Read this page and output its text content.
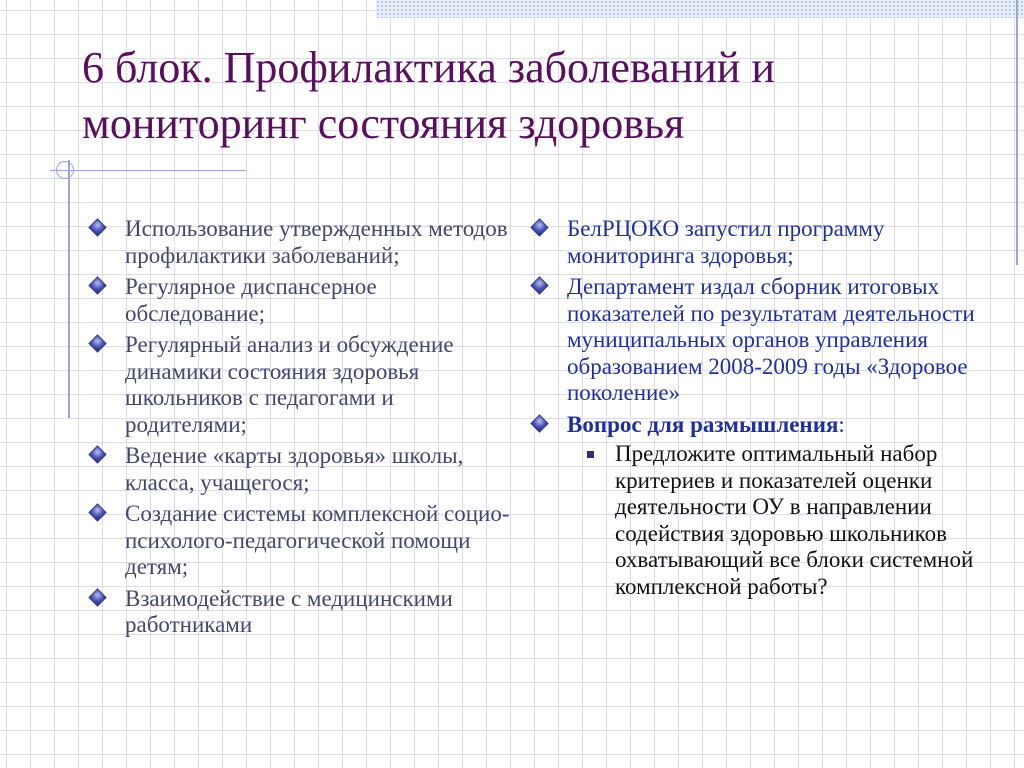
6 блок. Профилактика заболеваний и мониторинг состояния здоровья
Использование утвержденных методов профилактики заболеваний;
Регулярное диспансерное обследование;
Регулярный анализ и обсуждение динамики состояния здоровья школьников с педагогами и родителями;
Ведение «карты здоровья» школы, класса, учащегося;
Создание системы комплексной социо-психолого-педагогической помощи детям;
Взаимодействие с медицинскими работниками
БелРЦОКО запустил программу мониторинга здоровья;
Департамент издал сборник итоговых показателей по результатам деятельности муниципальных органов управления образованием 2008-2009 годы «Здоровое поколение»
Вопрос для размышления:
Предложите оптимальный набор критериев и показателей оценки деятельности ОУ в направлении содействия здоровью школьников охватывающий все блоки системной комплексной работы?
